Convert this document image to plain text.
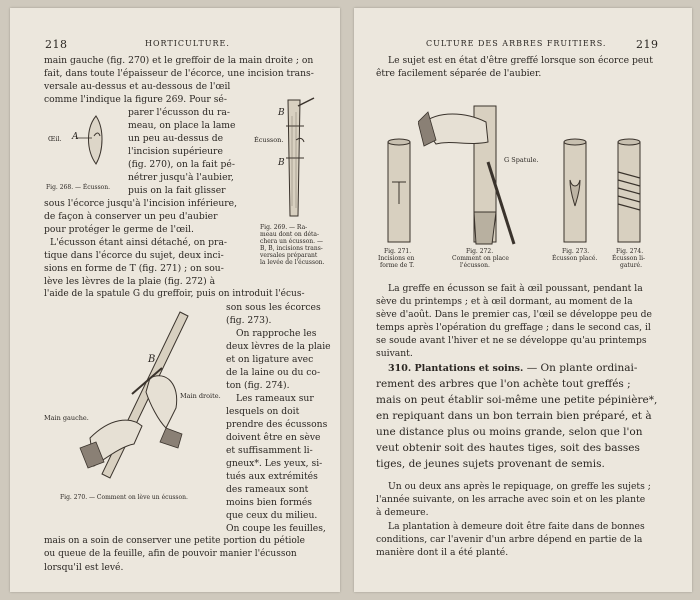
218	HORTICULTURE.
main gauche (fig. 270) et le greffoir de la main droite ; on
fait, dans toute l'épaisseur de l'écorce, une incision trans-
versale au-dessus et au-dessous de l'œil
comme l'indique la figure 269. Pour sé-
parer l'écusson du ra-
meau, on place la lame
un peu au-dessus de
l'incision supérieure
(fig. 270), on la fait pé-
nétrer jusqu'à l'aubier,
puis on la fait glisser
sous l'écorce jusqu'à l'incision inférieure,
de façon à conserver un peu d'aubier
pour protéger le germe de l'œil.
L'écusson étant ainsi détaché, on pra-
tique dans l'écorce du sujet, deux inci-
sions en forme de T (fig. 271) ; on sou-
lève les lèvres de la plaie (fig. 272) à
l'aide de la spatule G du greffoir, puis on introduit l'écus-
son sous les écorces
(fig. 273).
On rapproche les
deux lèvres de la plaie
et on ligature avec
de la laine ou du co-
ton (fig. 274).
Les rameaux sur
lesquels on doit
prendre des écussons
doivent être en sève
et suffisamment li-
gneux*. Les yeux, si-
tués aux extrémités
des rameaux sont
moins bien formés
que ceux du milieu.
On coupe les feuilles,
mais on a soin de conserver une petite portion du pétiole
ou queue de la feuille, afin de pouvoir manier l'écusson
lorsqu'il est levé.
Œil. A
Fig. 268. — Écusson.
Écusson.
B
B
Fig. 269. — Ra-
meau dont on déta-
chera un écusson. —
B, B, incisions trans-
versales préparant
la levée de l'écusson.
Main droite.
Main gauche.
B
Fig. 270. — Comment on lève un écusson.
CULTURE DES ARBRES FRUITIERS.	219
Le sujet est en état d'être greffé lorsque son écorce peut
être facilement séparée de l'aubier.
G Spatule.
Fig. 271.
Incisions en
forme de T.
Fig. 272.
Comment on place
l'écusson.
Fig. 273.
Écusson placé.
Fig. 274.
Écusson li-
gaturé.
La greffe en écusson se fait à œil poussant, pendant la
sève du printemps ; et à œil dormant, au moment de la
sève d'août. Dans le premier cas, l'œil se développe peu de
temps après l'opération du greffage ; dans le second cas, il
se soude avant l'hiver et ne se développe qu'au printemps
suivant.
310. Plantations et soins. — On plante ordinai-
rement des arbres que l'on achète tout greffés ;
mais on peut établir soi-même une petite pépinière*,
en repiquant dans un bon terrain bien préparé, et à
une distance plus ou moins grande, selon que l'on
veut obtenir soit des hautes tiges, soit des basses
tiges, de jeunes sujets provenant de semis.
Un ou deux ans après le repiquage, on greffe les sujets ;
l'année suivante, on les arrache avec soin et on les plante
à demeure.
La plantation à demeure doit être faite dans de bonnes
conditions, car l'avenir d'un arbre dépend en partie de la
manière dont il a été planté.
